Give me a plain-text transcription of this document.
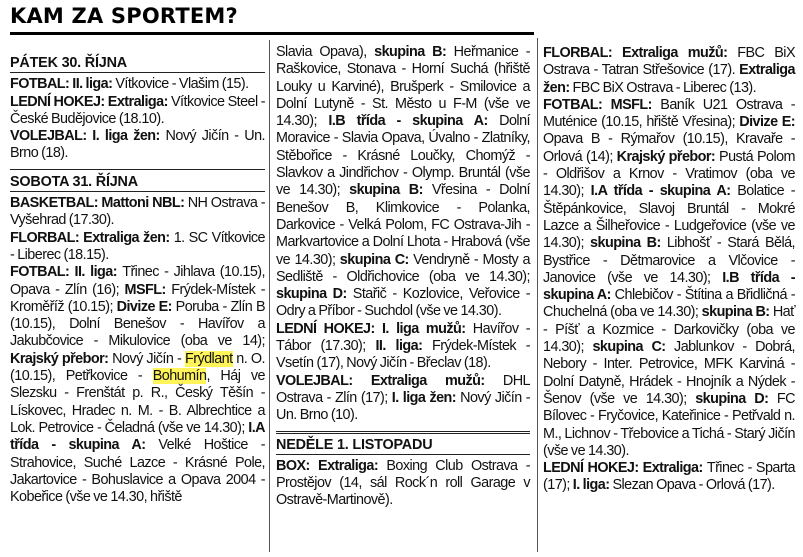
KAM ZA SPORTEM?
PÁTEK 30. ŘÍJNA

FOTBAL: II. liga: Vítkovice - Vlašim (15).

LEDNÍ HOKEJ: Extraliga: Vítkovice Steel - České Budějovice (18.10).

VOLEJBAL: I. liga žen: Nový Jičín - Un. Brno (18).

SOBOTA 31. ŘÍJNA

BASKETBAL: Mattoni NBL: NH Ostrava - Vyšehrad (17.30).

FLORBAL: Extraliga žen: 1. SC Vítkovice - Liberec (18.15).

FOTBAL: II. liga: Třinec - Jihlava (10.15), Opava - Zlín (16); MSFL: Frýdek-Místek - Kroměříž (10.15); Divize E: Poruba - Zlín B (10.15), Dolní Benešov - Havířov a Jakubčovice - Mikulovice (oba ve 14); Krajský přebor: Nový Jičín - Frýdlant n. O. (10.15), Petřkovice - Bohumín, Háj ve Slezsku - Frenštát p. R., Český Těšín - Lískovec, Hradec n. M. - B. Albrechtice a Lok. Petrovice - Čeladná (vše ve 14.30); I.A třída - skupina A: Velké Hoštice - Strahovice, Suché Lazce - Krásné Pole, Jakartovice - Bohuslavice a Opava 2004 - Kobeřice (vše ve 14.30, hřiště

Slavia Opava), skupina B: Heřmanice - Raškovice, Stonava - Horní Suchá (hřiště Louky u Karviné), Brušperk - Smilovice a Dolní Lutyně - St. Město u F-M (vše ve 14.30); I.B třída - skupina A: Dolní Moravice - Slavia Opava, Úvalno - Zlatníky, Stěbořice - Krásné Loučky, Chomýž - Slavkov a Jindřichov - Olymp. Bruntál (vše ve 14.30); skupina B: Vřesina - Dolní Benešov B, Klimkovice - Polanka, Darkovice - Velká Polom, FC Ostrava-Jih - Markvartovice a Dolní Lhota - Hrabová (vše ve 14.30); skupina C: Vendryně - Mosty a Sedliště - Oldřichovice (oba ve 14.30); skupina D: Stařič - Kozlovice, Veřovice - Odry a Příbor - Suchdol (vše ve 14.30).

LEDNÍ HOKEJ: I. liga mužů: Havířov - Tábor (17.30); II. liga: Frýdek-Místek - Vsetín (17), Nový Jičín - Břeclav (18).

VOLEJBAL: Extraliga mužů: DHL Ostrava - Zlín (17); I. liga žen: Nový Jičín - Un. Brno (10).

NEDĚLE 1. LISTOPADU

BOX: Extraliga: Boxing Club Ostrava - Prostějov (14, sál Rock´n roll Garage v Ostravě-Martinově).

FLORBAL: Extraliga mužů: FBC BiX Ostrava - Tatran Střešovice (17). Extraliga žen: FBC BiX Ostrava - Liberec (13).

FOTBAL: MSFL: Baník U21 Ostrava - Muténice (10.15, hřiště Vřesina); Divize E: Opava B - Rýmařov (10.15), Kravaře - Orlová (14); Krajský přebor: Pustá Polom - Oldřišov a Krnov - Vratimov (oba ve 14.30); I.A třída - skupina A: Bolatice - Štěpánkovice, Slavoj Bruntál - Mokré Lazce a Šilheřovice - Ludgeřovice (vše ve 14.30); skupina B: Libhošť - Stará Bělá, Bystřice - Dětmarovice a Vlčovice - Janovice (vše ve 14.30); I.B třída - skupina A: Chlebičov - Štítina a Břidličná - Chuchelná (oba ve 14.30); skupina B: Hať - Píšť a Kozmice - Darkovičky (oba ve 14.30); skupina C: Jablunkov - Dobrá, Nebory - Inter. Petrovice, MFK Karviná - Dolní Datyně, Hrádek - Hnojník a Nýdek - Šenov (vše ve 14.30); skupina D: FC Bílovec - Fryčovice, Kateřinice - Petřvald n. M., Lichnov - Třebovice a Tichá - Starý Jičín (vše ve 14.30).

LEDNÍ HOKEJ: Extraliga: Třinec - Sparta (17); I. liga: Slezan Opava - Orlová (17).
